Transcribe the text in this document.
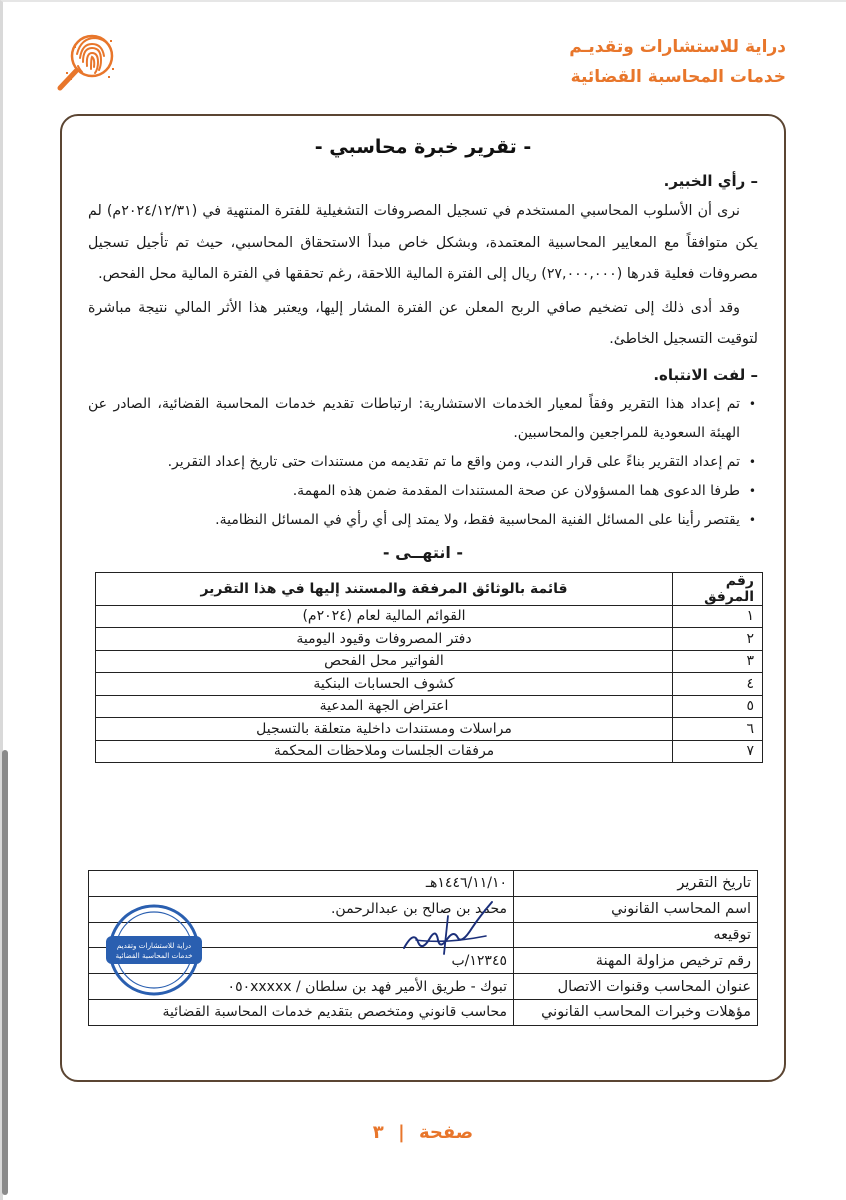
دراية للاستشارات وتقديـم
خدمات المحاسبة القضائية
- تقرير خبرة محاسبي -
– رأي الخبير.

نرى أن الأسلوب المحاسبي المستخدم في تسجيل المصروفات التشغيلية للفترة المنتهية في (٢٠٢٤/١٢/٣١م) لم يكن متوافقاً مع المعايير المحاسبية المعتمدة، وبشكل خاص مبدأ الاستحقاق المحاسبي، حيث تم تأجيل تسجيل مصروفات فعلية قدرها (٢٧,٠٠٠,٠٠٠) ريال إلى الفترة المالية اللاحقة، رغم تحققها في الفترة المالية محل الفحص.

وقد أدى ذلك إلى تضخيم صافي الربح المعلن عن الفترة المشار إليها، ويعتبر هذا الأثر المالي نتيجة مباشرة لتوقيت التسجيل الخاطئ.

– لفت الانتباه.
• تم إعداد هذا التقرير وفقاً لمعيار الخدمات الاستشارية: ارتباطات تقديم خدمات المحاسبة القضائية، الصادر عن الهيئة السعودية للمراجعين والمحاسبين.
• تم إعداد التقرير بناءً على قرار الندب، ومن واقع ما تم تقديمه من مستندات حتى تاريخ إعداد التقرير.
• طرفا الدعوى هما المسؤولان عن صحة المستندات المقدمة ضمن هذه المهمة.
• يقتصر رأينا على المسائل الفنية المحاسبية فقط، ولا يمتد إلى أي رأي في المسائل النظامية.
- انتهــى -
رقم المرفق	قائمة بالوثائق المرفقة والمستند إليها في هذا التقرير
١	القوائم المالية لعام (٢٠٢٤م)
٢	دفتر المصروفات وقيود اليومية
٣	الفواتير محل الفحص
٤	كشوف الحسابات البنكية
٥	اعتراض الجهة المدعية
٦	مراسلات ومستندات داخلية متعلقة بالتسجيل
٧	مرفقات الجلسات وملاحظات المحكمة
تاريخ التقرير	١٤٤٦/١١/١٠هـ
اسم المحاسب القانوني	محمد بن صالح بن عبدالرحمن.
توقيعه	
رقم ترخيص مزاولة المهنة	١٢٣٤٥/ب
عنوان المحاسب وقنوات الاتصال	تبوك - طريق الأمير فهد بن سلطان / ٠٥٠xxxxx
مؤهلات وخبرات المحاسب القانوني	محاسب قانوني ومتخصص بتقديم خدمات المحاسبة القضائية
دراية للاستشارات وتقديم
خدمات المحاسبة القضائية
صفحة | ٣
